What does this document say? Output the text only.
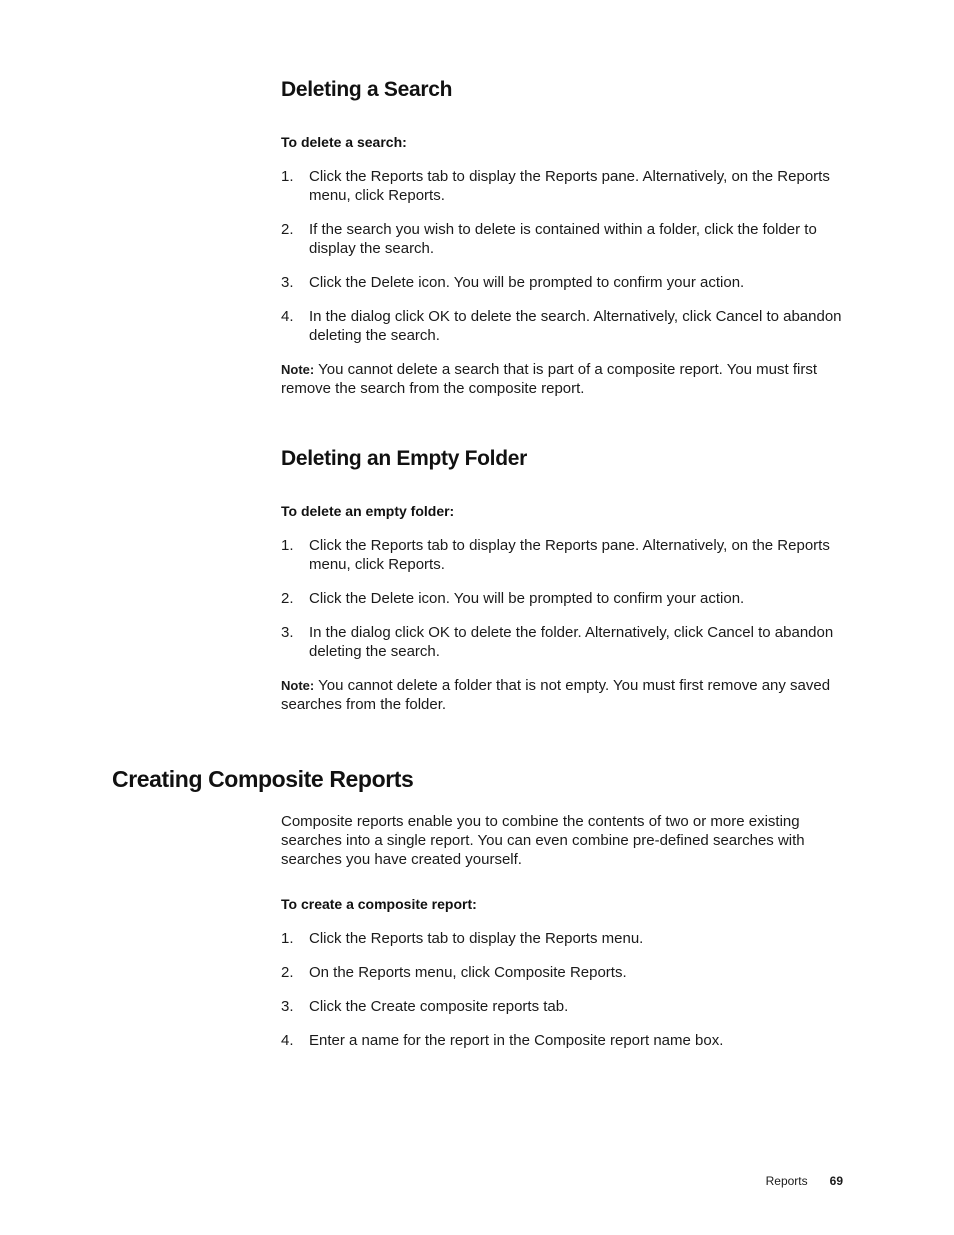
Deleting a Search

To delete a search:

1. Click the Reports tab to display the Reports pane. Alternatively, on the Reports menu, click Reports.
2. If the search you wish to delete is contained within a folder, click the folder to display the search.
3. Click the Delete icon. You will be prompted to confirm your action.
4. In the dialog click OK to delete the search. Alternatively, click Cancel to abandon deleting the search.

Note: You cannot delete a search that is part of a composite report. You must first remove the search from the composite report.

Deleting an Empty Folder

To delete an empty folder:

1. Click the Reports tab to display the Reports pane. Alternatively, on the Reports menu, click Reports.
2. Click the Delete icon. You will be prompted to confirm your action.
3. In the dialog click OK to delete the folder. Alternatively, click Cancel to abandon deleting the search.

Note: You cannot delete a folder that is not empty. You must first remove any saved searches from the folder.

Creating Composite Reports

Composite reports enable you to combine the contents of two or more existing searches into a single report. You can even combine pre-defined searches with searches you have created yourself.

To create a composite report:

1. Click the Reports tab to display the Reports menu.
2. On the Reports menu, click Composite Reports.
3. Click the Create composite reports tab.
4. Enter a name for the report in the Composite report name box.
Reports 69
